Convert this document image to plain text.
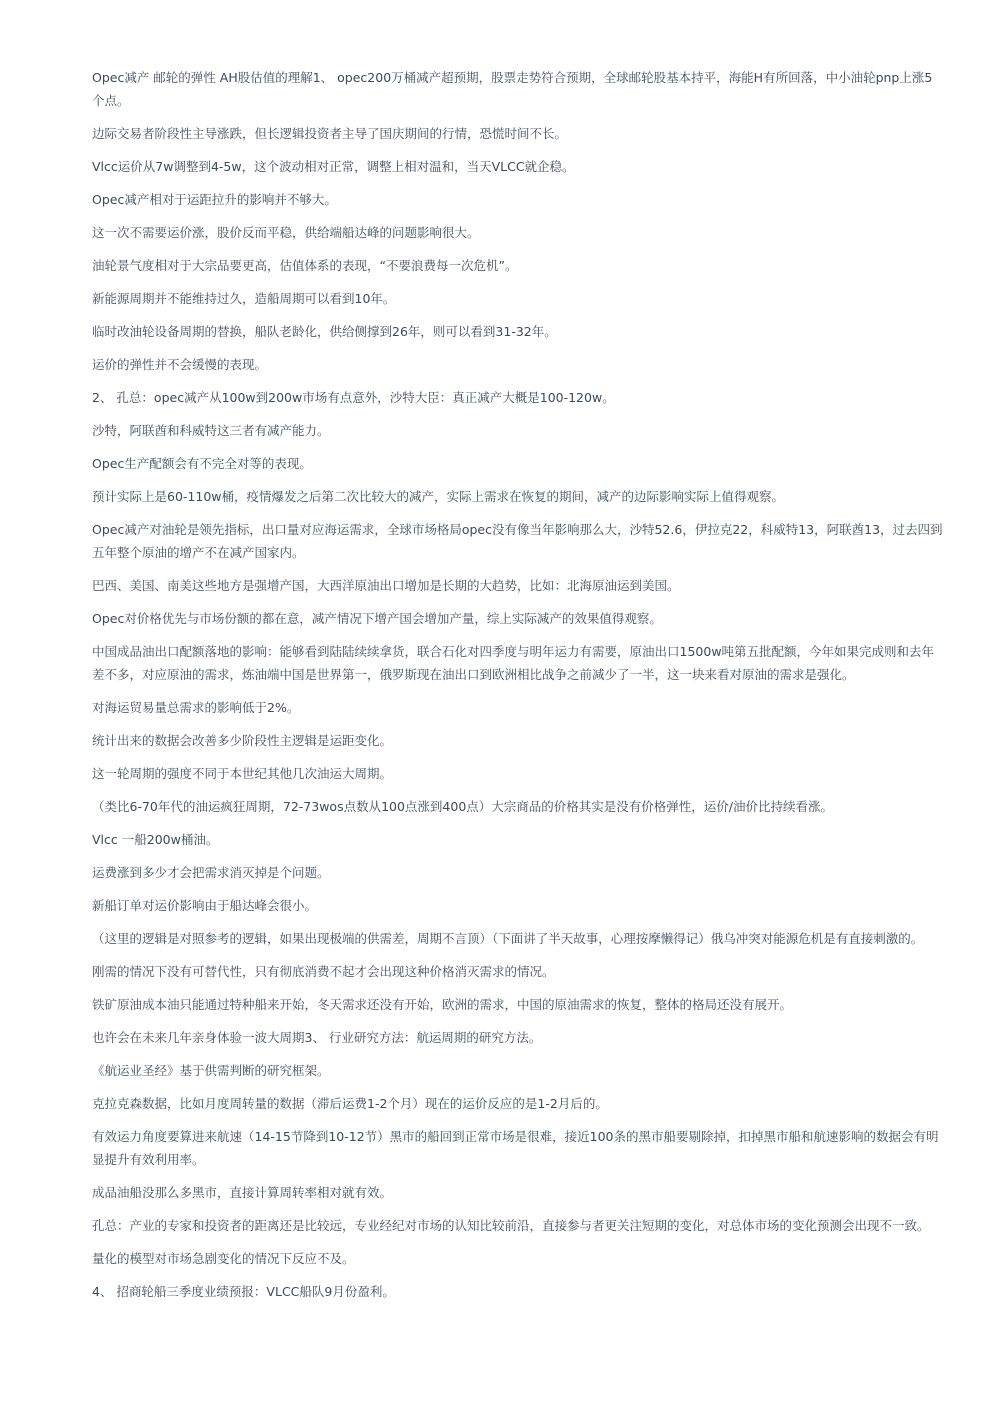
Opec减产 邮轮的弹性 AH股估值的理解1、 opec200万桶减产超预期，股票走势符合预期，全球邮轮股基本持平，海能H有所回落，中小油轮pnp上涨5个点。

边际交易者阶段性主导涨跌，但长逻辑投资者主导了国庆期间的行情，恐慌时间不长。

Vlcc运价从7w调整到4-5w，这个波动相对正常，调整上相对温和，当天VLCC就企稳。

Opec减产相对于运距拉升的影响并不够大。

这一次不需要运价涨，股价反而平稳，供给端船达峰的问题影响很大。

油轮景气度相对于大宗品要更高，估值体系的表现，“不要浪费每一次危机”。

新能源周期并不能维持过久，造船周期可以看到10年。

临时改油轮设备周期的替换，船队老龄化，供给侧撑到26年，则可以看到31-32年。

运价的弹性并不会缓慢的表现。

2、 孔总：opec减产从100w到200w市场有点意外，沙特大臣：真正减产大概是100-120w。

沙特，阿联酋和科威特这三者有减产能力。

Opec生产配额会有不完全对等的表现。

预计实际上是60-110w桶，疫情爆发之后第二次比较大的减产，实际上需求在恢复的期间，减产的边际影响实际上值得观察。

Opec减产对油轮是领先指标，出口量对应海运需求，全球市场格局opec没有像当年影响那么大，沙特52.6，伊拉克22，科威特13，阿联酋13，过去四到五年整个原油的增产不在减产国家内。

巴西、美国、南美这些地方是强增产国，大西洋原油出口增加是长期的大趋势，比如：北海原油运到美国。

Opec对价格优先与市场份额的都在意，减产情况下增产国会增加产量，综上实际减产的效果值得观察。

中国成品油出口配额落地的影响：能够看到陆陆续续拿货，联合石化对四季度与明年运力有需要，原油出口1500w吨第五批配额，今年如果完成则和去年差不多，对应原油的需求，炼油端中国是世界第一，俄罗斯现在油出口到欧洲相比战争之前减少了一半，这一块来看对原油的需求是强化。

对海运贸易量总需求的影响低于2%。

统计出来的数据会改善多少阶段性主逻辑是运距变化。

这一轮周期的强度不同于本世纪其他几次油运大周期。

（类比6-70年代的油运疯狂周期，72-73wos点数从100点涨到400点）大宗商品的价格其实是没有价格弹性，运价/油价比持续看涨。

Vlcc 一船200w桶油。

运费涨到多少才会把需求消灭掉是个问题。

新船订单对运价影响由于船达峰会很小。

（这里的逻辑是对照参考的逻辑，如果出现极端的供需差，周期不言顶）（下面讲了半天故事，心理按摩懒得记）俄乌冲突对能源危机是有直接刺激的。

刚需的情况下没有可替代性，只有彻底消费不起才会出现这种价格消灭需求的情况。

铁矿原油成本油只能通过特种船来开始，冬天需求还没有开始，欧洲的需求，中国的原油需求的恢复，整体的格局还没有展开。

也许会在未来几年亲身体验一波大周期3、 行业研究方法：航运周期的研究方法。

《航运业圣经》基于供需判断的研究框架。

克拉克森数据，比如月度周转量的数据（滞后运费1-2个月）现在的运价反应的是1-2月后的。

有效运力角度要算进来航速（14-15节降到10-12节）黑市的船回到正常市场是很难，接近100条的黑市船要剔除掉，扣掉黑市船和航速影响的数据会有明显提升有效利用率。

成品油船没那么多黑市，直接计算周转率相对就有效。

孔总：产业的专家和投资者的距离还是比较远，专业经纪对市场的认知比较前沿，直接参与者更关注短期的变化，对总体市场的变化预测会出现不一致。

量化的模型对市场急剧变化的情况下反应不及。

4、 招商轮船三季度业绩预报：VLCC船队9月份盈利。
